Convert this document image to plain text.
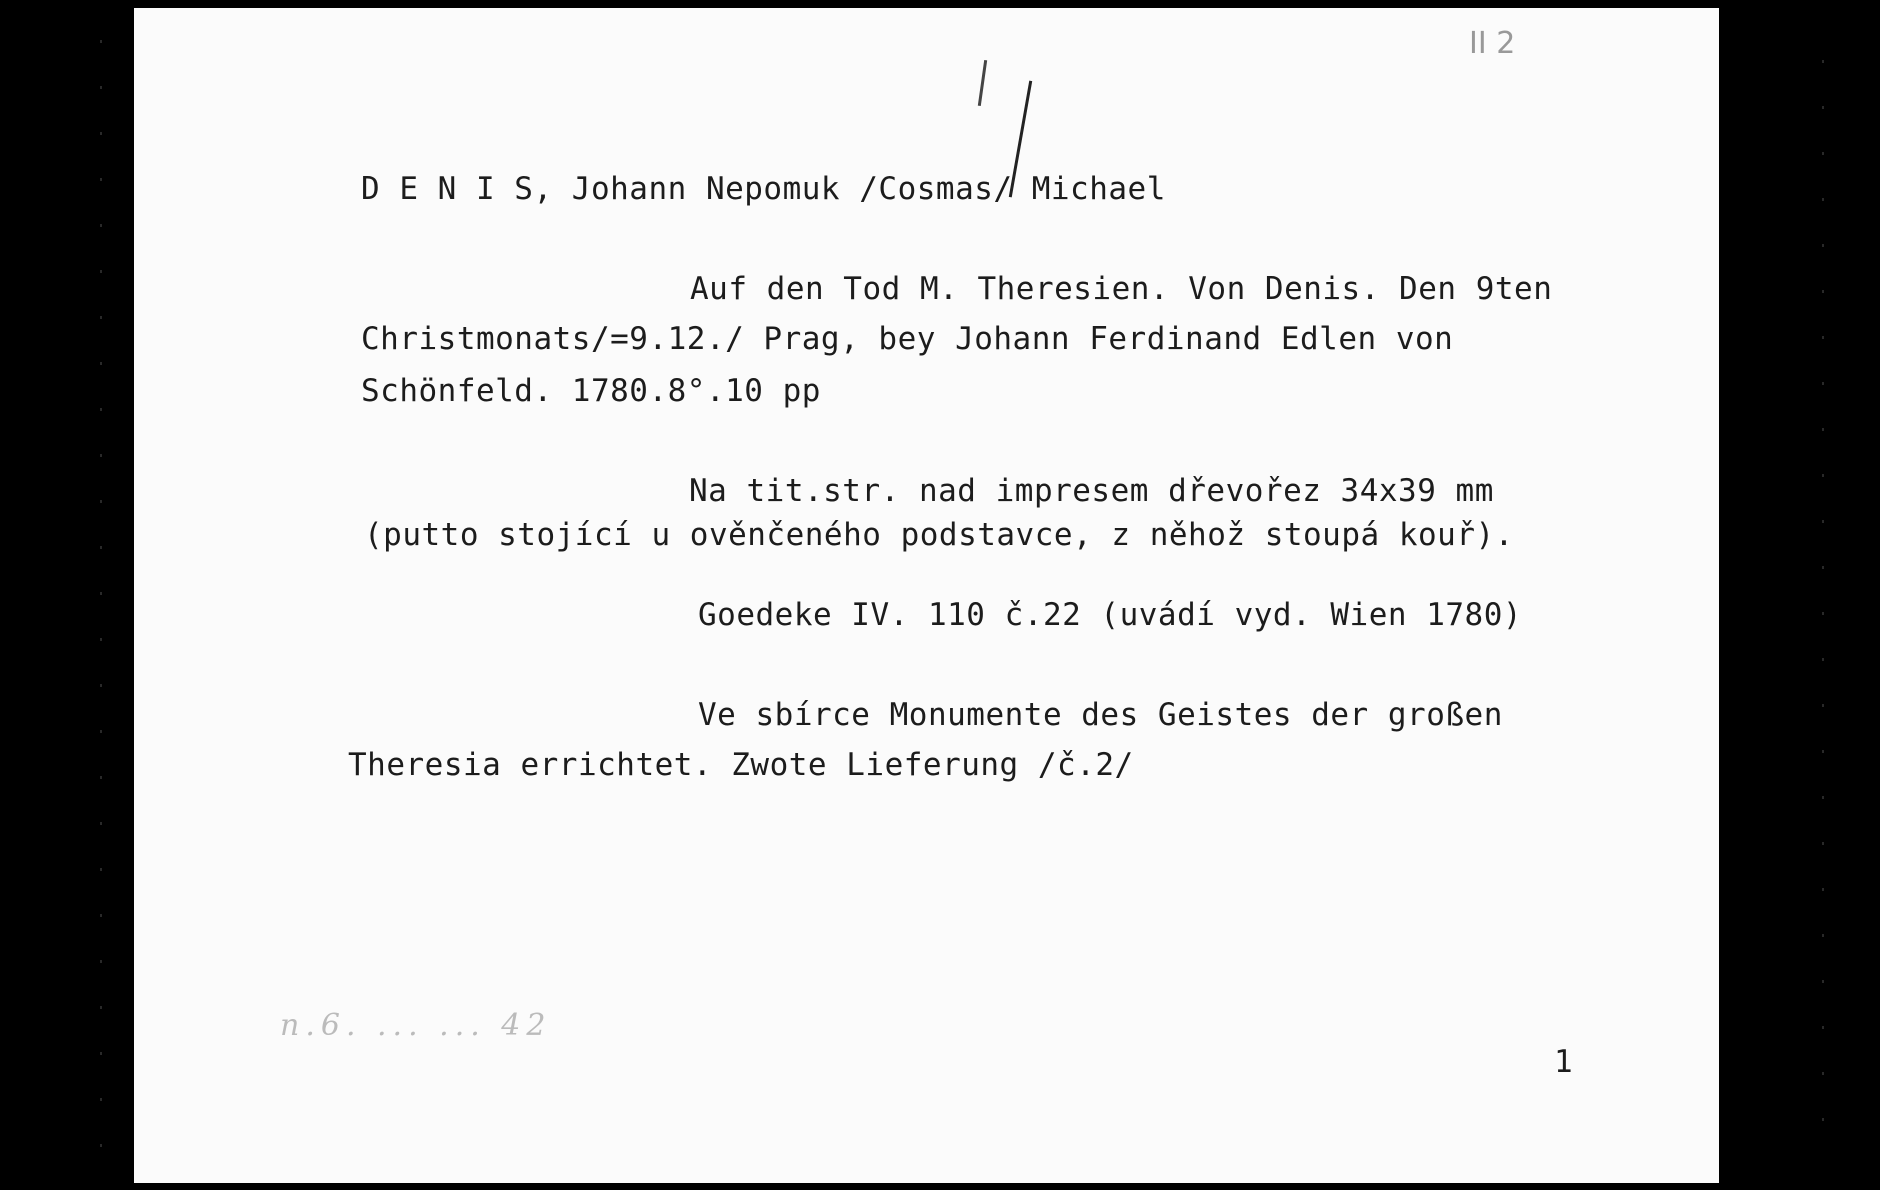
II 2
D E N I S, Johann Nepomuk /Cosmas/ Michael
Auf den Tod M. Theresien. Von Denis. Den 9ten
Christmonats/=9.12./ Prag, bey Johann Ferdinand Edlen von
Schönfeld. 1780.8°.10 pp
Na tit.str. nad impresem dřevořez 34x39 mm
(putto stojící u ověnčeného podstavce, z něhož stoupá kouř).
Goedeke IV. 110 č.22 (uvádí vyd. Wien 1780)
Ve sbírce Monumente des Geistes der großen
Theresia errichtet. Zwote Lieferung /č.2/
n.6. ... ... 42
1
